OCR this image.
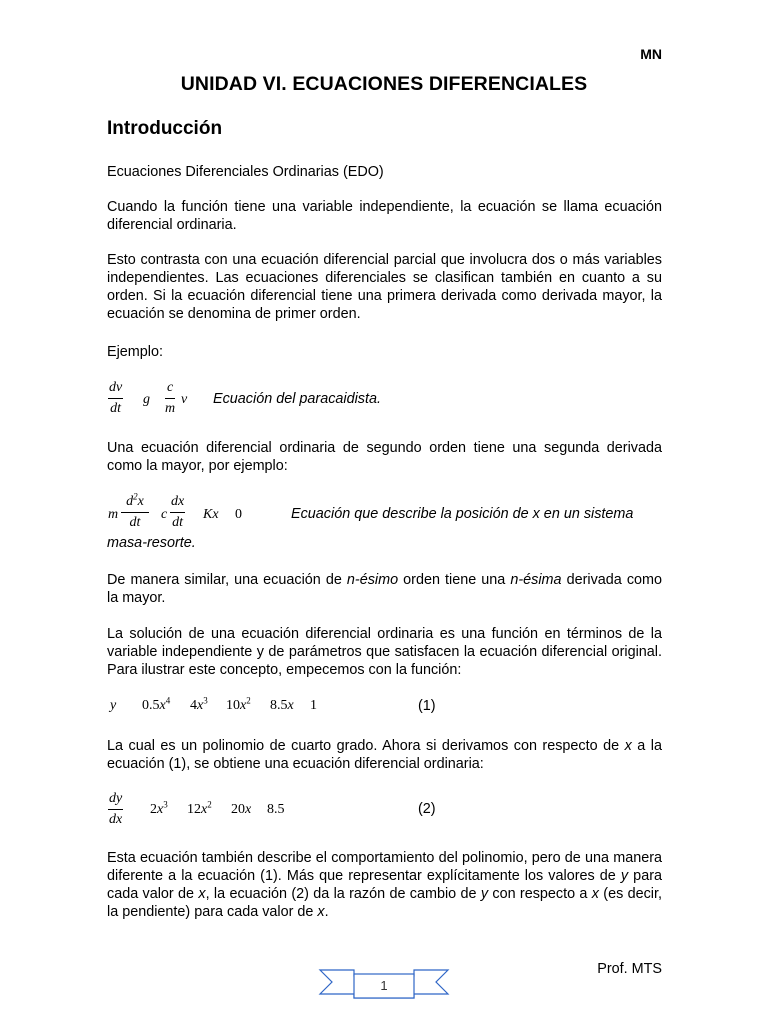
MN
UNIDAD VI. ECUACIONES DIFERENCIALES
Introducción
Ecuaciones Diferenciales Ordinarias (EDO)
Cuando la función tiene una variable independiente, la ecuación se llama ecuación diferencial ordinaria.
Esto contrasta con una ecuación diferencial parcial que involucra dos o más variables independientes. Las ecuaciones diferenciales se clasifican también en cuanto a su orden. Si la ecuación diferencial tiene una primera derivada como derivada mayor, la ecuación se denomina de primer orden.
Ejemplo:
$\frac{dv}{dt}$ g $\frac{c}{m}$ v Ecuación del paracaidista.
Una ecuación diferencial ordinaria de segundo orden tiene una segunda derivada como la mayor, por ejemplo:
m $\frac{d^2x}{dt}$ c $\frac{dx}{dt}$ Kx 0	Ecuación que describe la posición de x en un sistema
masa-resorte.
De manera similar, una ecuación de n-ésimo orden tiene una n-ésima derivada como la mayor.
La solución de una ecuación diferencial ordinaria es una función en términos de la variable independiente y de parámetros que satisfacen la ecuación diferencial original. Para ilustrar este concepto, empecemos con la función:
y $0.5x^4$ $4x^3$ $10x^2$ 8.5x 1	(1)
La cual es un polinomio de cuarto grado. Ahora si derivamos con respecto de x a la ecuación (1), se obtiene una ecuación diferencial ordinaria:
$\frac{dy}{dx} 2x^3$ $12x^2$ 20x 8.5	(2)
Esta ecuación también describe el comportamiento del polinomio, pero de una manera diferente a la ecuación (1). Más que representar explícitamente los valores de y para cada valor de x, la ecuación (2) da la razón de cambio de y con respecto a x (es decir, la pendiente) para cada valor de x.
Prof. MTS
1
